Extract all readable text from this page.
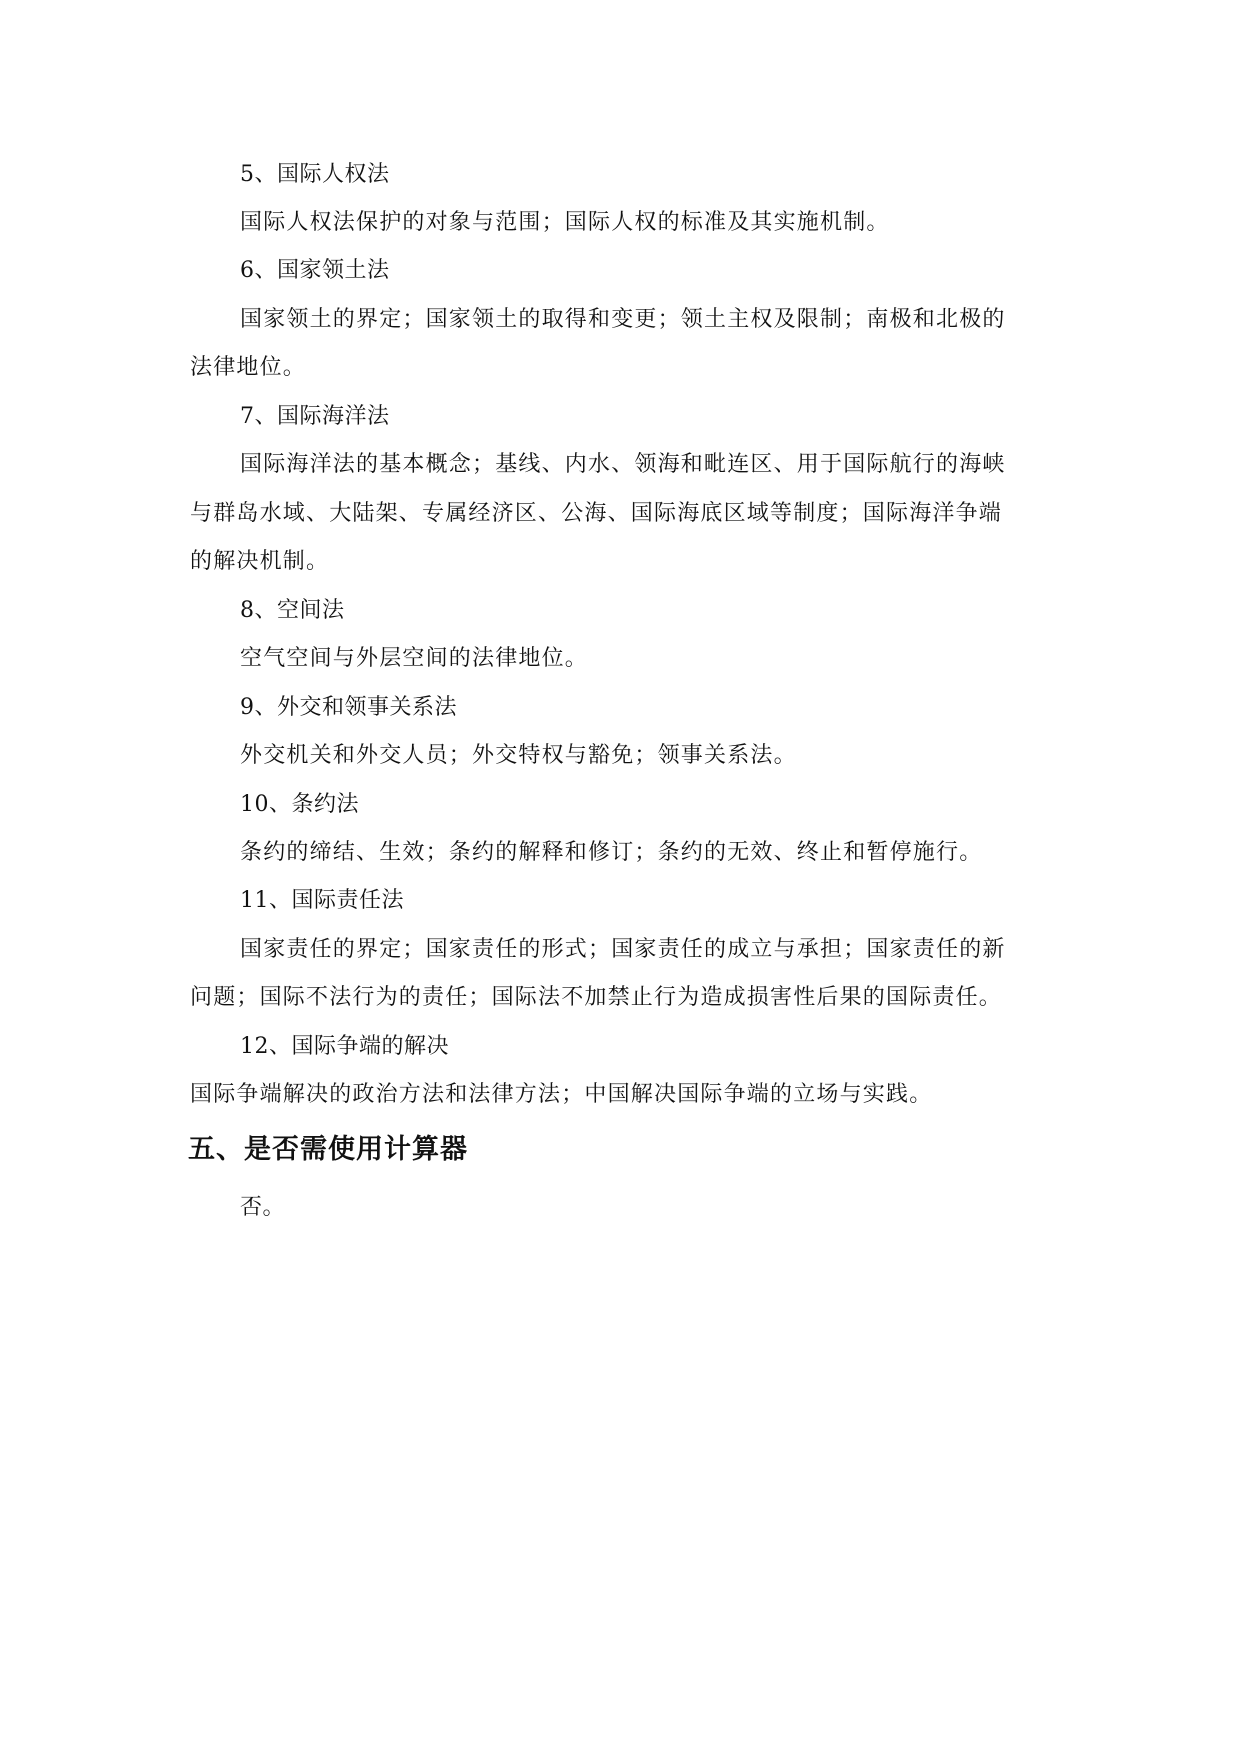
5、国际人权法
国际人权法保护的对象与范围；国际人权的标准及其实施机制。
6、国家领土法
国家领土的界定；国家领土的取得和变更；领土主权及限制；南极和北极的
法律地位。
7、国际海洋法
国际海洋法的基本概念；基线、内水、领海和毗连区、用于国际航行的海峡
与群岛水域、大陆架、专属经济区、公海、国际海底区域等制度；国际海洋争端
的解决机制。
8、空间法
空气空间与外层空间的法律地位。
9、外交和领事关系法
外交机关和外交人员；外交特权与豁免；领事关系法。
10、条约法
条约的缔结、生效；条约的解释和修订；条约的无效、终止和暂停施行。
11、国际责任法
国家责任的界定；国家责任的形式；国家责任的成立与承担；国家责任的新
问题；国际不法行为的责任；国际法不加禁止行为造成损害性后果的国际责任。
12、国际争端的解决
国际争端解决的政治方法和法律方法；中国解决国际争端的立场与实践。
五、是否需使用计算器
否。
